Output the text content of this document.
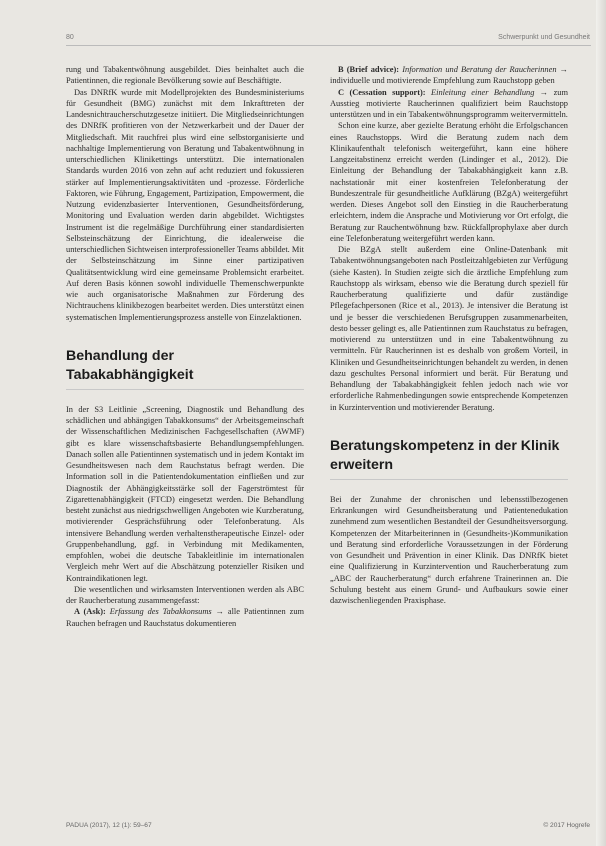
80	Schwerpunkt und Gesundheit

rung und Tabakentwöhnung ausgebildet. Dies beinhaltet auch die Patientinnen, die regionale Bevölkerung sowie auf Beschäftigte.

Das DNRfK wurde mit Modellprojekten des Bundesministeriums für Gesundheit (BMG) zunächst mit dem Inkrafttreten der Landesnichtraucherschutzgesetze initiiert. Die Mitgliedseinrichtungen des DNRfK profitieren von der Netzwerkarbeit und der Dauer der Mitgliedschaft. Mit rauchfrei plus wird eine selbstorganisierte und nachhaltige Implementierung von Beratung und Tabakentwöhnung in unterschiedlichen Klinikettings unterstützt. Die internationalen Standards wurden 2016 von zehn auf acht reduziert und fokussieren stärker auf Implementierungsaktivitäten und -prozesse. Förderliche Faktoren, wie Führung, Engagement, Partizipation, Empowerment, die Nutzung evidenzbasierter Interventionen, Gesundheitsförderung, Monitoring und Evaluation werden darin abgebildet. Wichtigstes Instrument ist die regelmäßige Durchführung einer standardisierten Selbsteinschätzung der Einrichtung, die idealerweise die unterschiedlichen Sichtweisen interprofessioneller Teams abbildet. Mit der Selbsteinschätzung im Sinne einer partizipativen Qualitätsentwicklung wird eine gemeinsame Problemsicht erarbeitet. Auf deren Basis können sowohl individuelle Themenschwerpunkte wie auch organisatorische Maßnahmen zur Förderung des Nichtrauchens klinikbezogen bearbeitet werden. Dies unterstützt einen systematischen Implementierungsprozess anstelle von Einzelaktionen.

Behandlung der Tabakabhängigkeit

In der S3 Leitlinie „Screening, Diagnostik und Behandlung des schädlichen und abhängigen Tabakkonsums“ der Arbeitsgemeinschaft der Wissenschaftlichen Medizinischen Fachgesellschaften (AWMF) gibt es klare wissenschaftsbasierte Behandlungsempfehlungen. Danach sollen alle Patientinnen systematisch und in jedem Kontakt im Gesundheitswesen nach dem Rauchstatus befragt werden. Die Information soll in die Patientendokumentation einfließen und zur Diagnostik der Abhängigkeitsstärke soll der Fagerströmtest für Zigarettenabhängigkeit (FTCD) eingesetzt werden. Die Behandlung besteht zunächst aus niedrigschwelligen Angeboten wie Kurzberatung, motivierender Gesprächsführung oder Telefonberatung. Als intensivere Behandlung werden verhaltenstherapeutische Einzel- oder Gruppenbehandlung, ggf. in Verbindung mit Medikamenten, empfohlen, wobei die deutsche Tabakleitlinie im internationalen Vergleich mehr Wert auf die Abschätzung potenzieller Risiken und Kontraindikationen legt.

Die wesentlichen und wirksamsten Interventionen werden als ABC der Raucherberatung zusammengefasst:

A (Ask): Erfassung des Tabakkonsums → alle Patientinnen zum Rauchen befragen und Rauchstatus dokumentieren

B (Brief advice): Information und Beratung der Raucherinnen → individuelle und motivierende Empfehlung zum Rauchstopp geben

C (Cessation support): Einleitung einer Behandlung → zum Ausstieg motivierte Raucherinnen qualifiziert beim Rauchstopp unterstützen und in ein Tabakentwöhnungsprogramm weitervermitteln.

Schon eine kurze, aber gezielte Beratung erhöht die Erfolgschancen eines Rauchstopps. Wird die Beratung zudem nach dem Klinikaufenthalt telefonisch weitergeführt, kann eine höhere Langzeitabstinenz erreicht werden (Lindinger et al., 2012). Die Einleitung der Behandlung der Tabakabhängigkeit kann z.B. nachstationär mit einer kostenfreien Telefonberatung der Bundeszentrale für gesundheitliche Aufklärung (BZgA) weitergeführt werden. Dieses Angebot soll den Einstieg in die Raucherberatung erleichtern, indem die Ansprache und Motivierung vor Ort erfolgt, die Beratung zur Rauchentwöhnung bzw. Rückfallprophylaxe aber durch eine Telefonberatung weitergeführt werden kann.

Die BZgA stellt außerdem eine Online-Datenbank mit Tabakentwöhnungsangeboten nach Postleitzahlgebieten zur Verfügung (siehe Kasten). In Studien zeigte sich die ärztliche Empfehlung zum Rauchstopp als wirksam, ebenso wie die Beratung durch speziell für Raucherberatung qualifizierte und dafür zuständige Pflegefachpersonen (Rice et al., 2013). Je intensiver die Beratung ist und je besser die verschiedenen Berufsgruppen zusammenarbeiten, desto besser gelingt es, alle Patientinnen zum Rauchstatus zu befragen, motivierend zu unterstützen und in eine Tabakentwöhnung zu vermitteln. Für Raucherinnen ist es deshalb von großem Vorteil, in Kliniken und Gesundheitseinrichtungen behandelt zu werden, in denen dazu geschultes Personal informiert und berät. Für Beratung und Behandlung der Tabakabhängigkeit fehlen jedoch nach wie vor erforderliche Rahmenbedingungen sowie entsprechende Kompetenzen in Kurzintervention und motivierender Beratung.

Beratungskompetenz in der Klinik erweitern

Bei der Zunahme der chronischen und lebensstilbezogenen Erkrankungen wird Gesundheitsberatung und Patientenedukation zunehmend zum wesentlichen Bestandteil der Gesundheitsversorgung. Kompetenzen der Mitarbeiterinnen in (Gesundheits-)Kommunikation und Beratung sind erforderliche Voraussetzungen in der Förderung von Gesundheit und Prävention in einer Klinik. Das DNRfK bietet eine Qualifizierung in Kurzintervention und Raucherberatung zum „ABC der Raucherberatung“ durch erfahrene Trainerinnen an. Die Schulung besteht aus einem Grund- und Aufbaukurs sowie einer dazwischenliegenden Praxisphase.

PADUA (2017), 12 (1): 59–67	© 2017 Hogrefe
